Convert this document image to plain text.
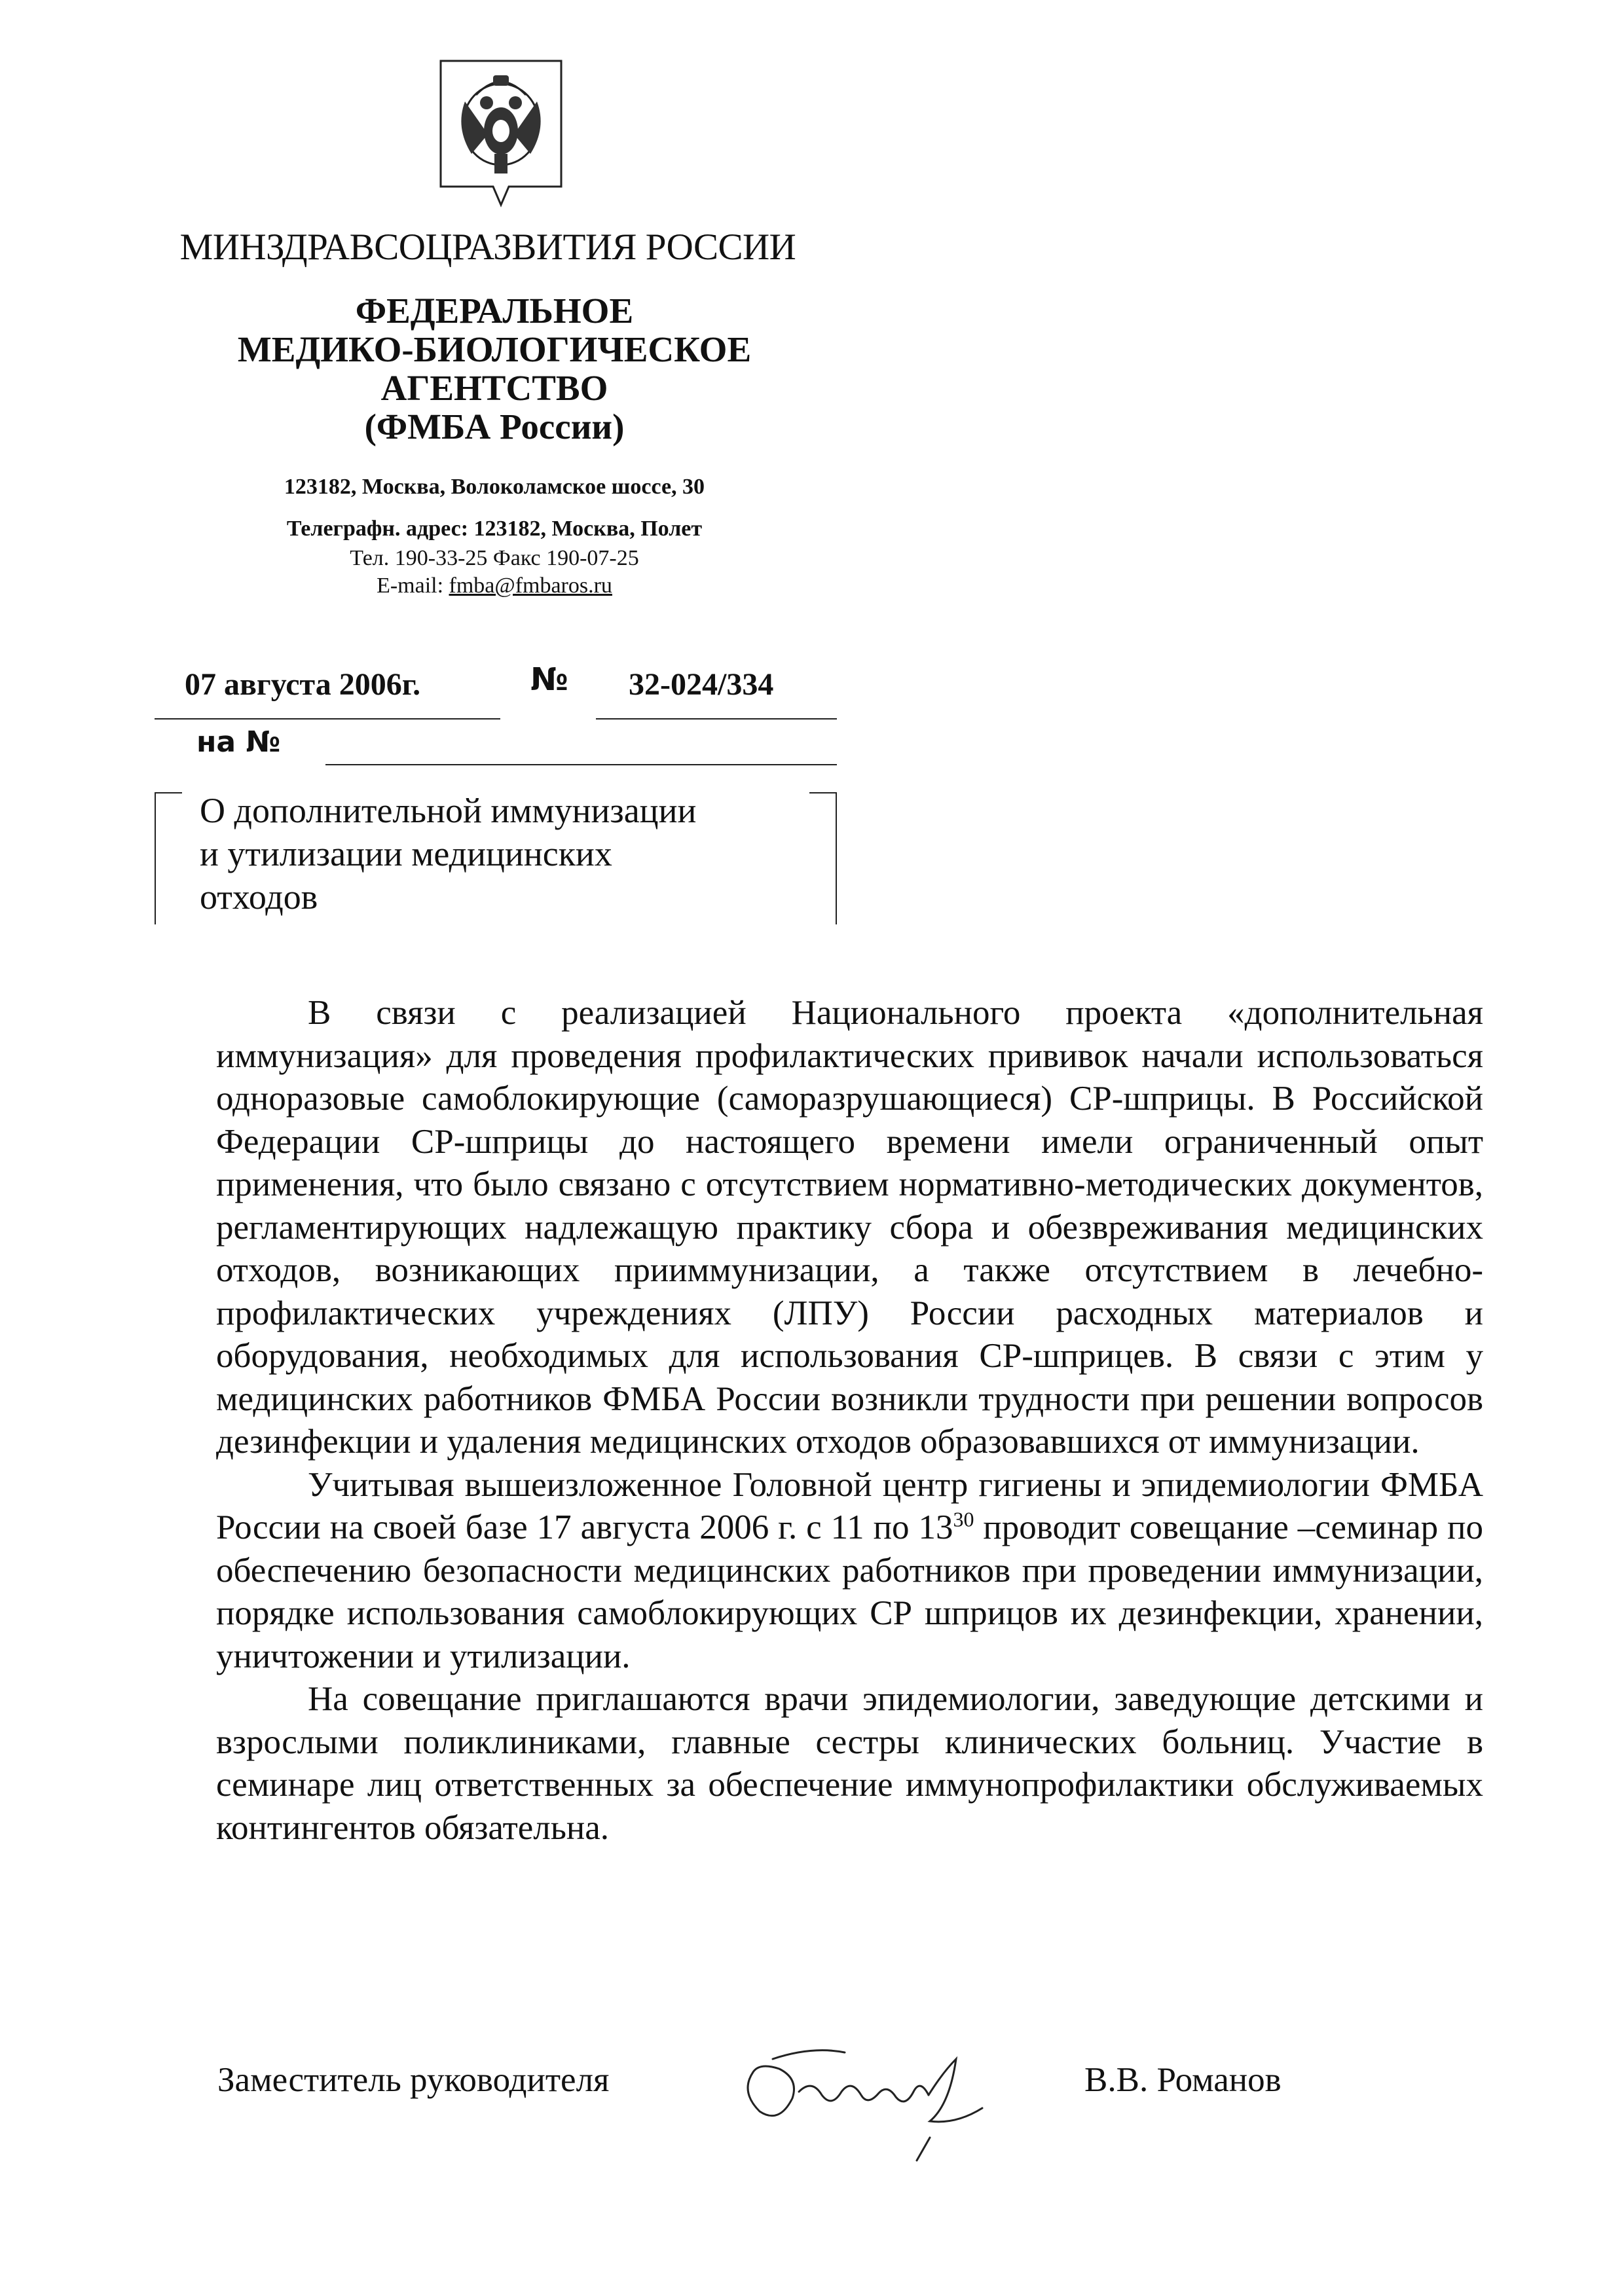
МИНЗДРАВСОЦРАЗВИТИЯ РОССИИ
ФЕДЕРАЛЬНОЕ
МЕДИКО-БИОЛОГИЧЕСКОЕ
АГЕНТСТВО
(ФМБА России)
123182, Москва, Волоколамское шоссе, 30
Телеграфн. адрес: 123182, Москва, Полет
Тел. 190-33-25 Факс 190-07-25
E-mail: fmba@fmbaros.ru
07 августа 2006г.	№ 32-024/334
на №
О дополнительной иммунизации
и утилизации медицинских
отходов

В связи с реализацией Национального проекта «дополнительная иммунизация» для проведения профилактических прививок начали использоваться одноразовые самоблокирующие (саморазрушающиеся) СР-шприцы. В Российской Федерации СР-шприцы до настоящего времени имели ограниченный опыт применения, что было связано с отсутствием нормативно-методических документов, регламентирующих надлежащую практику сбора и обезвреживания медицинских отходов, возникающих прииммунизации, а также отсутствием в лечебно-профилактических учреждениях (ЛПУ) России расходных материалов и оборудования, необходимых для использования СР-шприцев. В связи с этим у медицинских работников ФМБА России возникли трудности при решении вопросов дезинфекции и удаления медицинских отходов образовавшихся от иммунизации.

Учитывая вышеизложенное Головной центр гигиены и эпидемиологии ФМБА России на своей базе 17 августа 2006 г. с 11 по $13^{30}$ проводит совещание –семинар по обеспечению безопасности медицинских работников при проведении иммунизации, порядке использования самоблокирующих СР шприцов их дезинфекции, хранении, уничтожении и утилизации.

На совещание приглашаются врачи эпидемиологии, заведующие детскими и взрослыми поликлиниками, главные сестры клинических больниц. Участие в семинаре лиц ответственных за обеспечение иммунопрофилактики обслуживаемых контингентов обязательна.

Заместитель руководителя	В.В. Романов
